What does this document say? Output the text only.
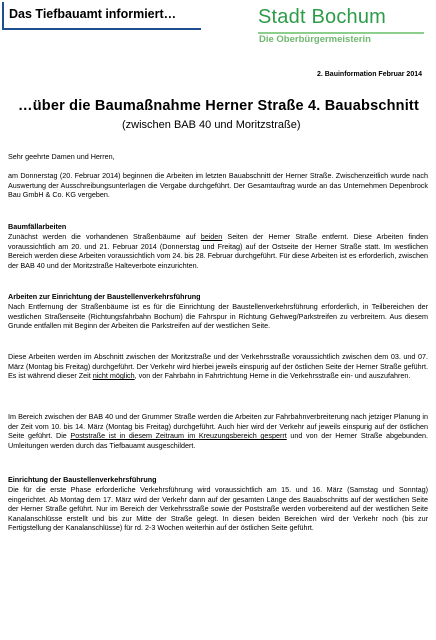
Das Tiefbauamt informiert…	Stadt Bochum
Die Oberbürgermeisterin
2. Bauinformation Februar 2014
…über die Baumaßnahme Herner Straße 4. Bauabschnitt
(zwischen BAB 40 und Moritzstraße)
Sehr geehrte Damen und Herren,
am Donnerstag (20. Februar 2014) beginnen die Arbeiten im letzten Bauabschnitt der Herner Straße. Zwischenzeitlich wurde nach Auswertung der Ausschreibungsunterlagen die Vergabe durchgeführt. Der Gesamtauftrag wurde an das Unternehmen Depenbrock Bau GmbH & Co. KG vergeben.
Baumfällarbeiten
Zunächst werden die vorhandenen Straßenbäume auf beiden Seiten der Herner Straße entfernt. Diese Arbeiten finden voraussichtlich am 20. und 21. Februar 2014 (Donnerstag und Freitag) auf der Ostseite der Herner Straße statt. Im westlichen Bereich werden diese Arbeiten voraussichtlich vom 24. bis 28. Februar durchgeführt. Für diese Arbeiten ist es erforderlich, zwischen der BAB 40 und der Moritzstraße Halteverbote einzurichten.
Arbeiten zur Einrichtung der Baustellenverkehrsführung
Nach Entfernung der Straßenbäume ist es für die Einrichtung der Baustellenverkehrsführung erforderlich, in Teilbereichen der westlichen Straßenseite (Richtungsfahrbahn Bochum) die Fahrspur in Richtung Gehweg/Parkstreifen zu verbreitern. Aus diesem Grunde entfallen mit Beginn der Arbeiten die Parkstreifen auf der westlichen Seite.
Diese Arbeiten werden im Abschnitt zwischen der Moritzstraße und der Verkehrsstraße voraussichtlich zwischen dem 03. und 07. März (Montag bis Freitag) durchgeführt. Der Verkehr wird hierbei jeweils einspurig auf der östlichen Seite der Herner Straße geführt. Es ist während dieser Zeit nicht möglich, von der Fahrbahn in Fahrtrichtung Herne in die Verkehrsstraße ein- und auszufahren.
Im Bereich zwischen der BAB 40 und der Grummer Straße werden die Arbeiten zur Fahrbahnverbreiterung nach jetziger Planung in der Zeit vom 10. bis 14. März (Montag bis Freitag) durchgeführt. Auch hier wird der Verkehr auf jeweils einspurig auf der östlichen Seite geführt. Die Poststraße ist in diesem Zeitraum im Kreuzungsbereich gesperrt und von der Herner Straße abgebunden. Umleitungen werden durch das Tiefbauamt ausgeschildert.
Einrichtung der Baustellenverkehrsführung
Die für die erste Phase erforderliche Verkehrsführung wird voraussichtlich am 15. und 16. März (Samstag und Sonntag) eingerichtet. Ab Montag dem 17. März wird der Verkehr dann auf der gesamten Länge des Bauabschnitts auf der westlichen Seite der Herner Straße geführt. Nur im Bereich der Verkehrsstraße sowie der Poststraße werden vorbereitend auf der westlichen Seite Kanalanschlüsse erstellt und bis zur Mitte der Straße gelegt. In diesen beiden Bereichen wird der Verkehr noch (bis zur Fertigstellung der Kanalanschlüsse) für rd. 2-3 Wochen weiterhin auf der östlichen Seite geführt.
